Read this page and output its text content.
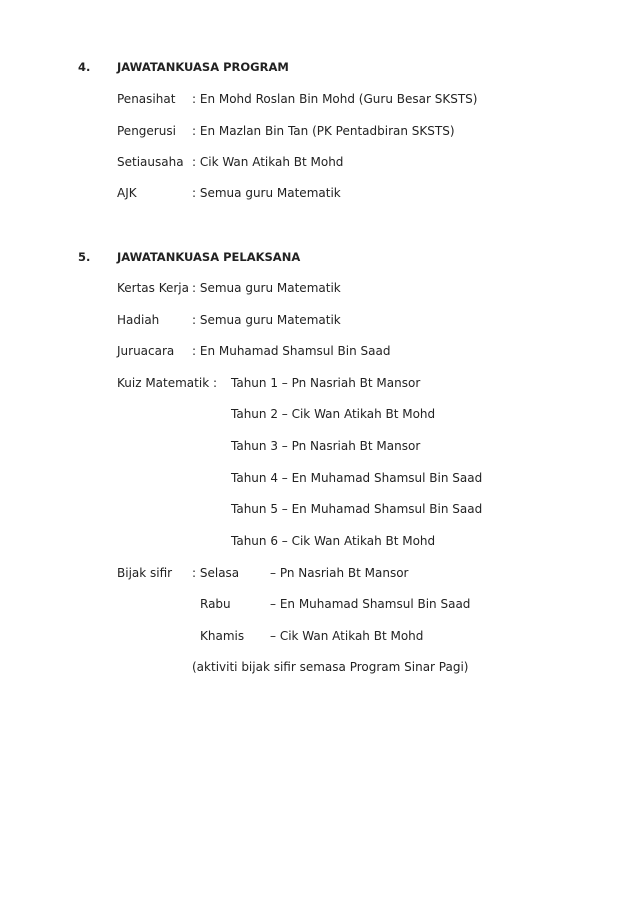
4. JAWATANKUASA PROGRAM
Penasihat : En Mohd Roslan Bin Mohd (Guru Besar SKSTS)
Pengerusi : En Mazlan Bin Tan (PK Pentadbiran SKSTS)
Setiausaha : Cik Wan Atikah Bt Mohd
AJK	: Semua guru Matematik
5. JAWATANKUASA PELAKSANA
Kertas Kerja : Semua guru Matematik
Hadiah	: Semua guru Matematik
Juruacara : En Muhamad Shamsul Bin Saad
Kuiz Matematik : Tahun 1 – Pn Nasriah Bt Mansor
Tahun 2 – Cik Wan Atikah Bt Mohd
Tahun 3 – Pn Nasriah Bt Mansor
Tahun 4 – En Muhamad Shamsul Bin Saad
Tahun 5 – En Muhamad Shamsul Bin Saad
Tahun 6 – Cik Wan Atikah Bt Mohd
Bijak sifir : Selasa	– Pn Nasriah Bt Mansor
Rabu	– En Muhamad Shamsul Bin Saad
Khamis – Cik Wan Atikah Bt Mohd
(aktiviti bijak sifir semasa Program Sinar Pagi)
